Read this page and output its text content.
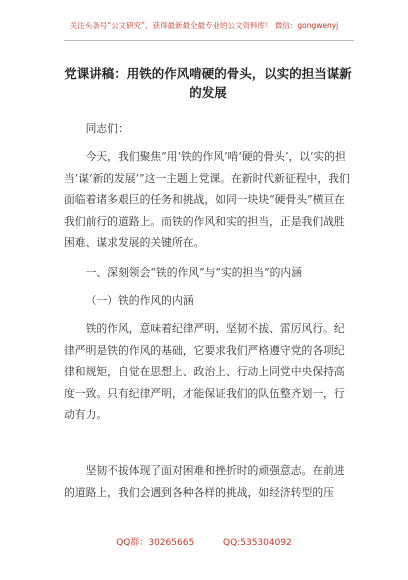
关注头条号“公文研究”，获得最新最全最专业的公文资料库！ 微信：gongwenyj
党课讲稿：用铁的作风啃硬的骨头，以实的担当谋新的发展

同志们：

今天，我们聚焦“用‘铁的作风’啃‘硬的骨头’，以‘实的担当’谋‘新的发展’”这一主题上党课。在新时代新征程中，我们面临着诸多艰巨的任务和挑战，如同一块块“硬骨头”横亘在我们前行的道路上。而铁的作风和实的担当，正是我们战胜困难、谋求发展的关键所在。

一、深刻领会“铁的作风”与“实的担当”的内涵

（一）铁的作风的内涵

铁的作风，意味着纪律严明、坚韧不拔、雷厉风行。纪律严明是铁的作风的基础，它要求我们严格遵守党的各项纪律和规矩，自觉在思想上、政治上、行动上同党中央保持高度一致。只有纪律严明，才能保证我们的队伍整齐划一，行动有力。

坚韧不拔体现了面对困难和挫折时的顽强意志。在前进的道路上，我们会遇到各种各样的挑战，如经济转型的压

QQ群：30265665	QQ:535304092
